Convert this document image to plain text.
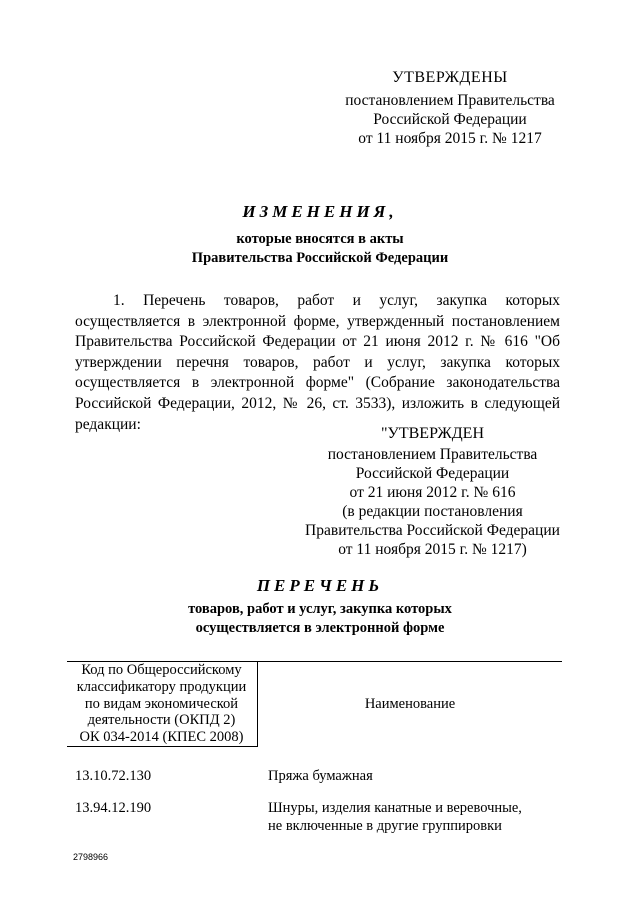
УТВЕРЖДЕНЫ
постановлением Правительства
Российской Федерации
от 11 ноября 2015 г. № 1217
ИЗМЕНЕНИЯ,
которые вносятся в акты
Правительства Российской Федерации
1. Перечень товаров, работ и услуг, закупка которых осуществляется в электронной форме, утвержденный постановлением Правительства Российской Федерации от 21 июня 2012 г. № 616 "Об утверждении перечня товаров, работ и услуг, закупка которых осуществляется в электронной форме" (Собрание законодательства Российской Федерации, 2012, № 26, ст. 3533), изложить в следующей редакции:
"УТВЕРЖДЕН
постановлением Правительства
Российской Федерации
от 21 июня 2012 г. № 616
(в редакции постановления
Правительства Российской Федерации
от 11 ноября 2015 г. № 1217)
ПЕРЕЧЕНЬ
товаров, работ и услуг, закупка которых
осуществляется в электронной форме
Код по Общероссийскому
классификатору продукции
по видам экономической
деятельности (ОКПД 2)
ОК 034-2014 (КПЕС 2008)
Наименование
13.10.72.130	Пряжа бумажная
13.94.12.190	Шнуры, изделия канатные и веревочные,
не включенные в другие группировки
2798966
